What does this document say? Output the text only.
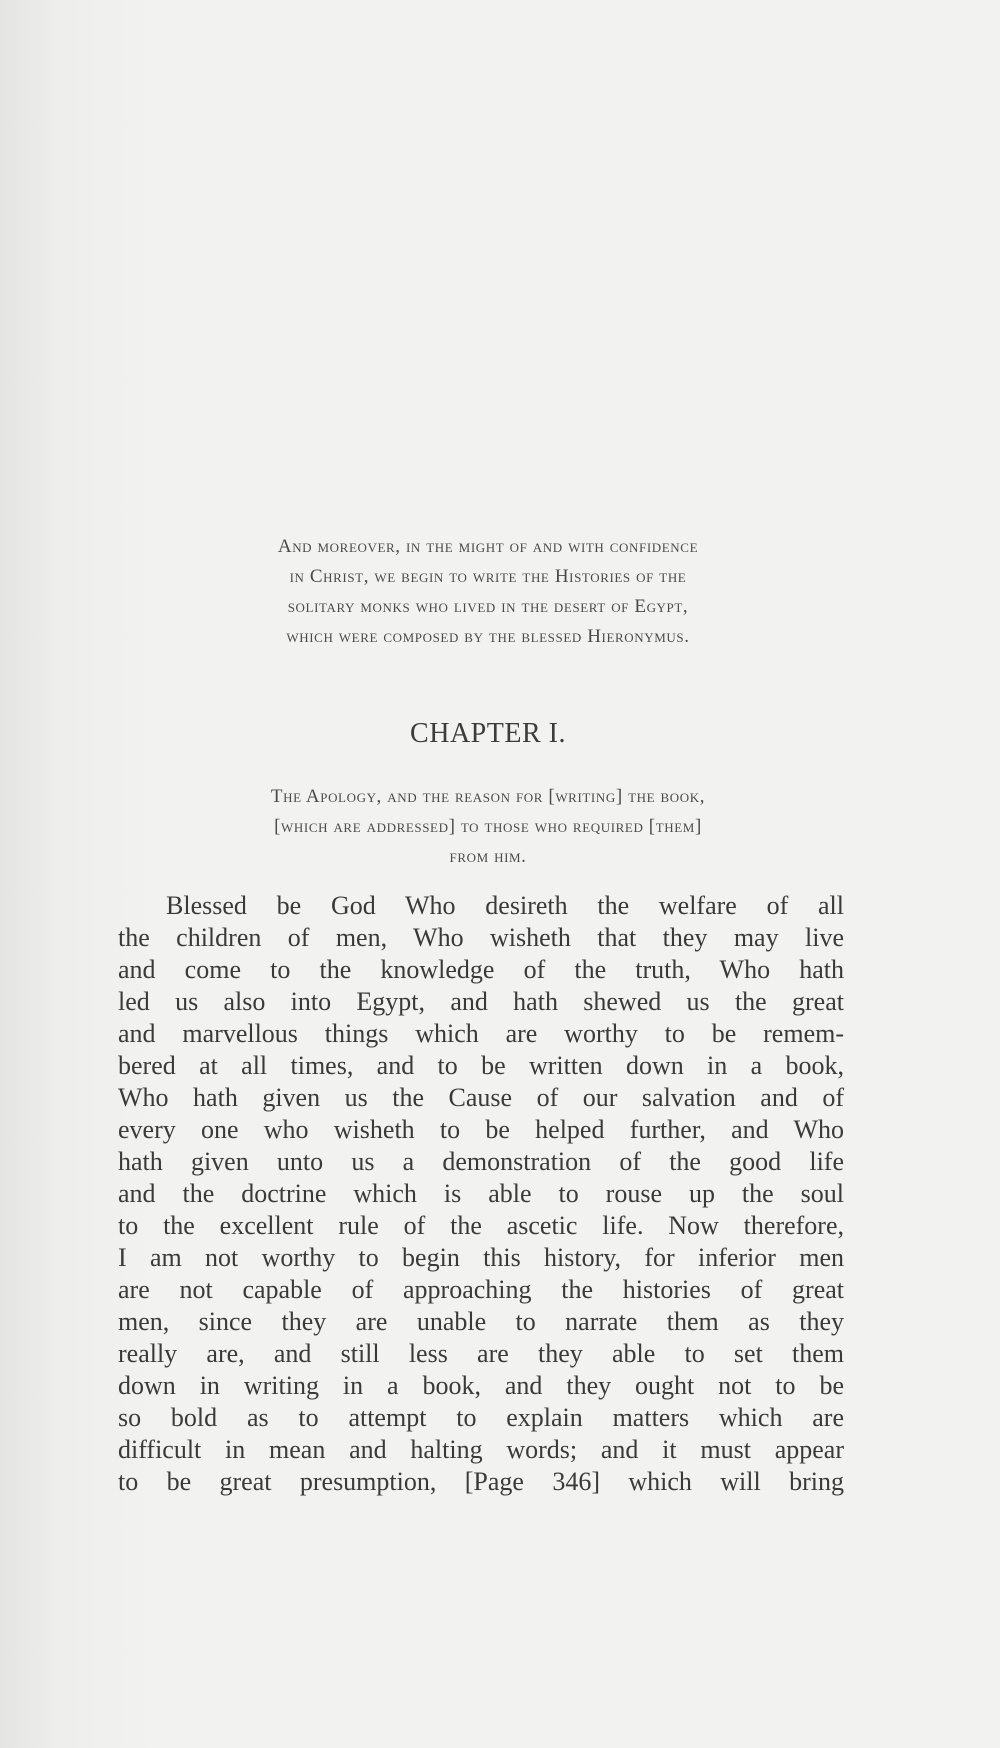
And moreover, in the might of and with confidence
in Christ, we begin to write the Histories of the
solitary monks who lived in the desert of Egypt,
which were composed by the blessed Hieronymus.
CHAPTER I.
The Apology, and the reason for [writing] the book,
[which are addressed] to those who required [them]
from him.
Blessed be God Who desireth the welfare of all
the children of men, Who wisheth that they may live
and come to the knowledge of the truth, Who hath
led us also into Egypt, and hath shewed us the great
and marvellous things which are worthy to be remem-
bered at all times, and to be written down in a book,
Who hath given us the Cause of our salvation and of
every one who wisheth to be helped further, and Who
hath given unto us a demonstration of the good life
and the doctrine which is able to rouse up the soul
to the excellent rule of the ascetic life. Now therefore,
I am not worthy to begin this history, for inferior men
are not capable of approaching the histories of great
men, since they are unable to narrate them as they
really are, and still less are they able to set them
down in writing in a book, and they ought not to be
so bold as to attempt to explain matters which are
difficult in mean and halting words; and it must appear
to be great presumption, [Page 346] which will bring
